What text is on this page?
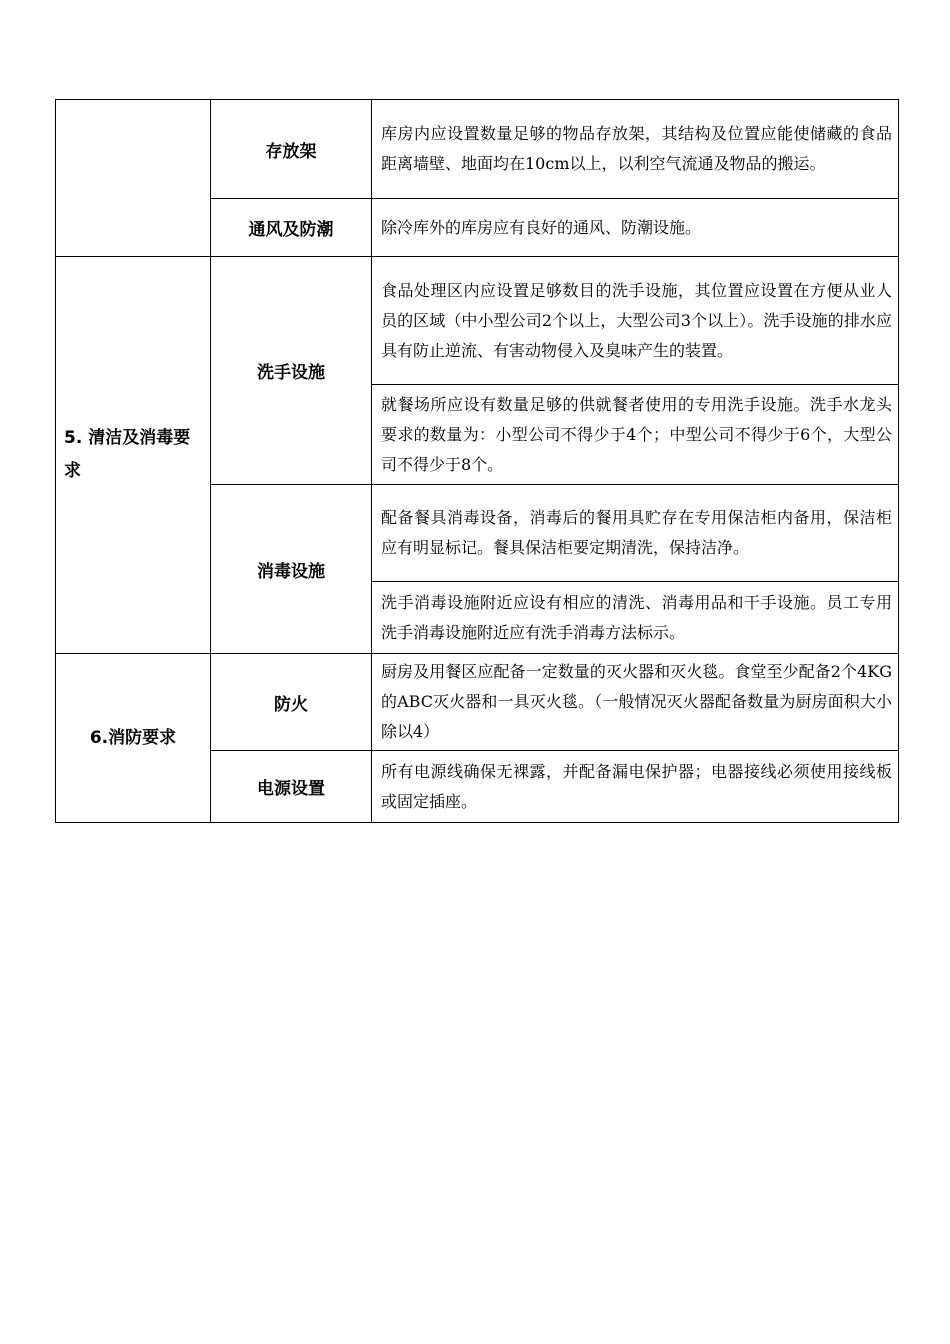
	存放架	库房内应设置数量足够的物品存放架，其结构及位置应能使储藏的食品距离墙壁、地面均在10cm以上，以利空气流通及物品的搬运。
	通风及防潮	除冷库外的库房应有良好的通风、防潮设施。
5. 清洁及消毒要求	洗手设施	食品处理区内应设置足够数目的洗手设施，其位置应设置在方便从业人员的区域（中小型公司2个以上，大型公司3个以上）。洗手设施的排水应具有防止逆流、有害动物侵入及臭味产生的装置。
		就餐场所应设有数量足够的供就餐者使用的专用洗手设施。洗手水龙头要求的数量为：小型公司不得少于4个；中型公司不得少于6个，大型公司不得少于8个。
	消毒设施	配备餐具消毒设备，消毒后的餐用具贮存在专用保洁柜内备用，保洁柜应有明显标记。餐具保洁柜要定期清洗，保持洁净。
		洗手消毒设施附近应设有相应的清洗、消毒用品和干手设施。员工专用洗手消毒设施附近应有洗手消毒方法标示。
6.消防要求	防火	厨房及用餐区应配备一定数量的灭火器和灭火毯。食堂至少配备2个4KG的ABC灭火器和一具灭火毯。（一般情况灭火器配备数量为厨房面积大小除以4）
	电源设置	所有电源线确保无裸露，并配备漏电保护器；电器接线必须使用接线板或固定插座。
